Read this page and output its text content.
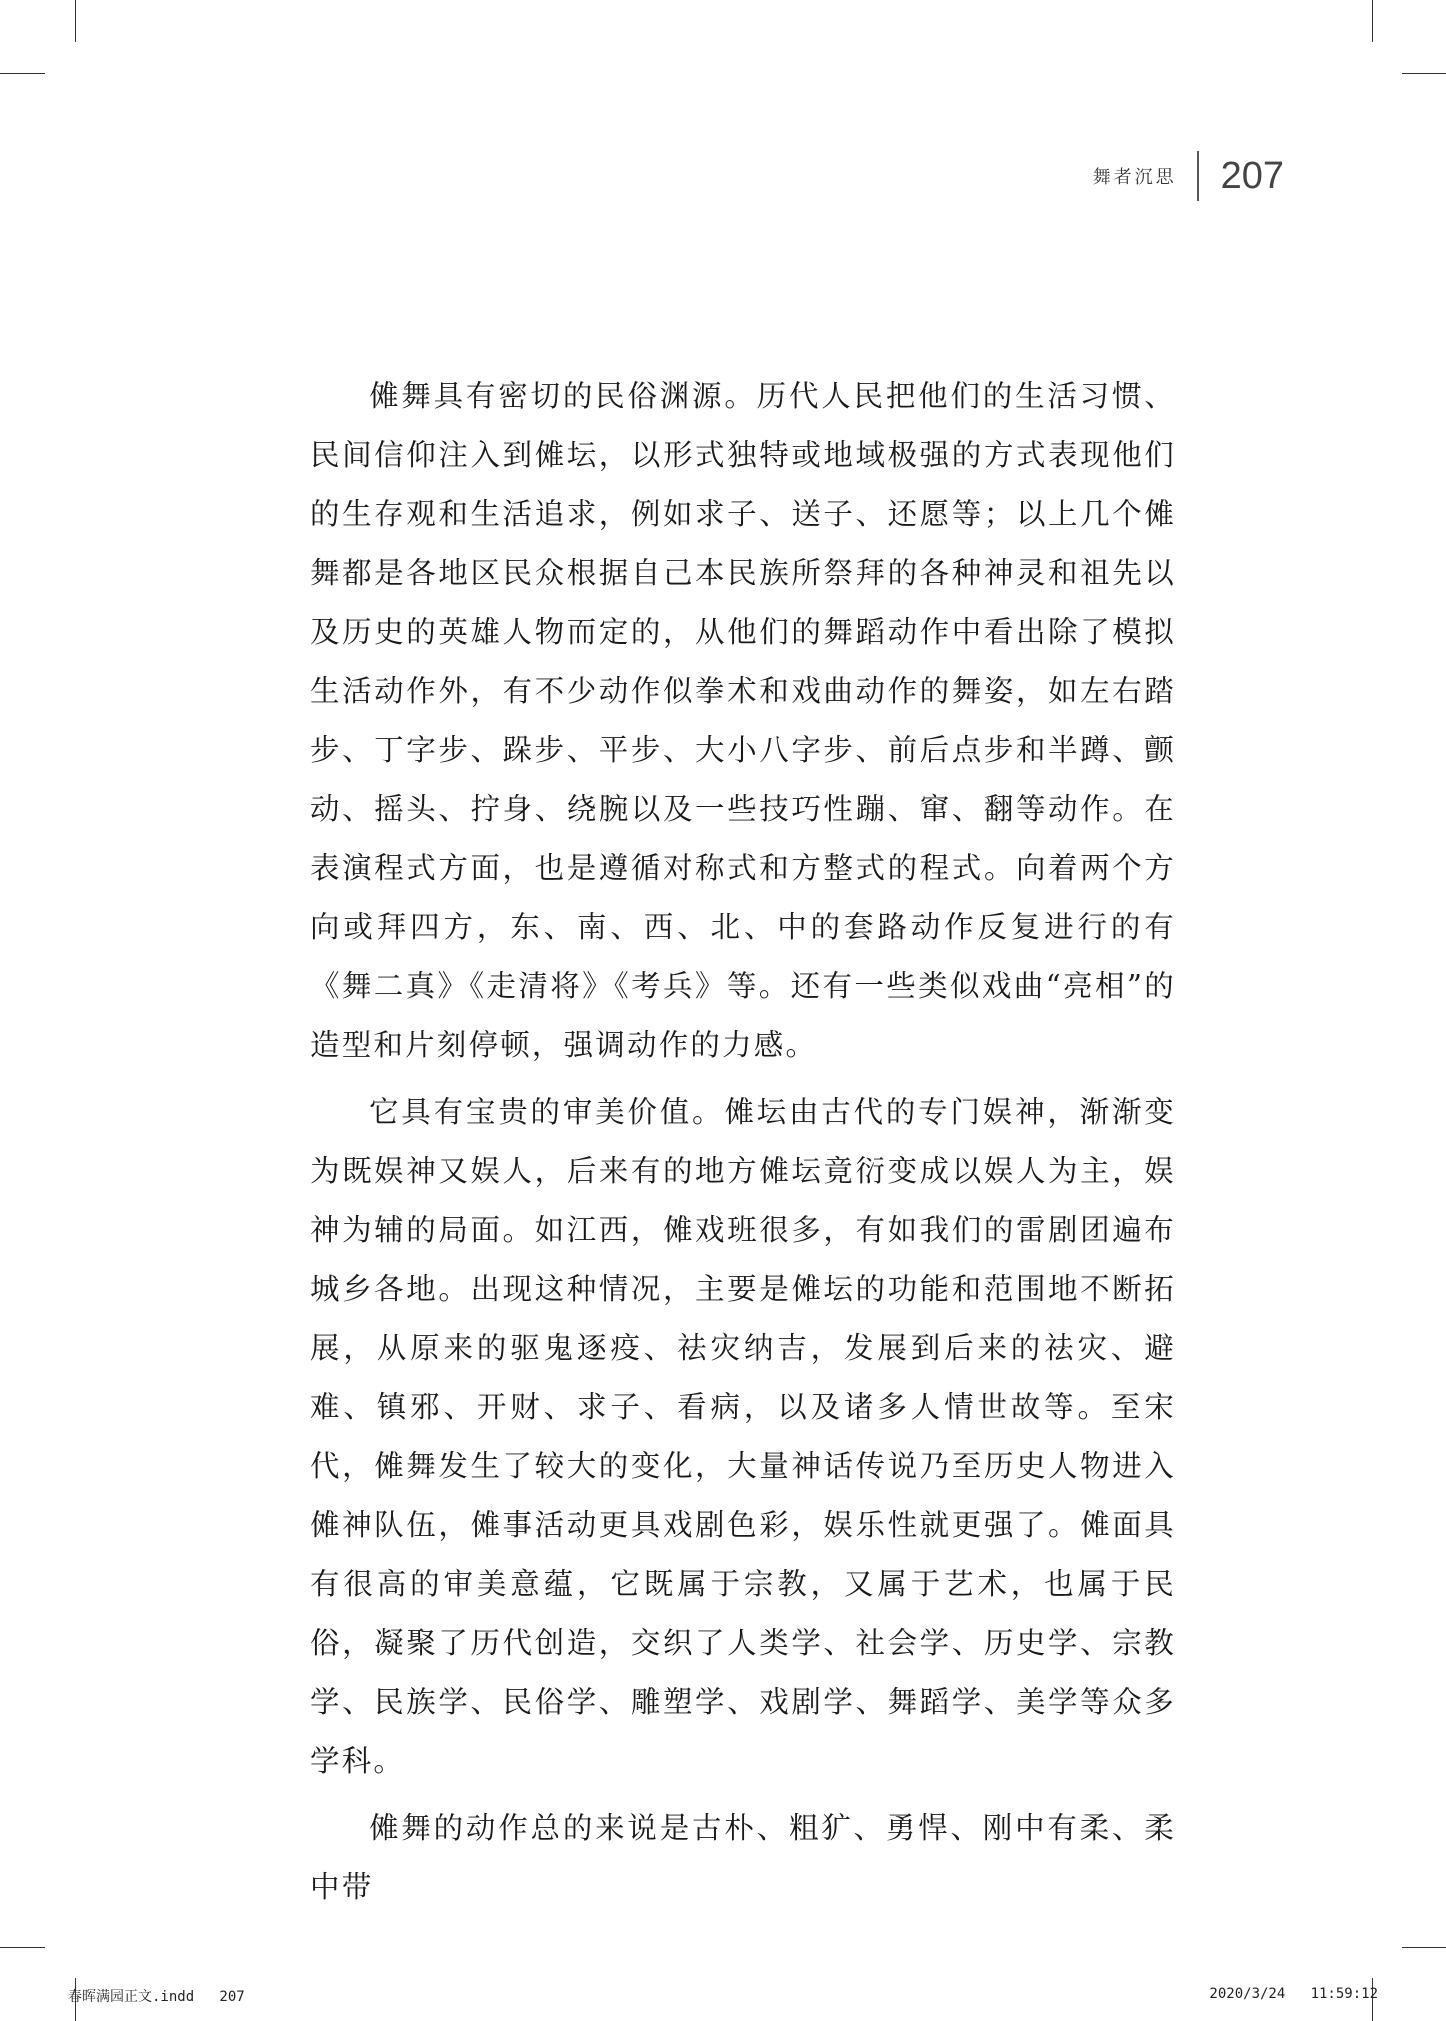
舞者沉思	207

傩舞具有密切的民俗渊源。历代人民把他们的生活习惯、民间信仰注入到傩坛，以形式独特或地域极强的方式表现他们的生存观和生活追求，例如求子、送子、还愿等；以上几个傩舞都是各地区民众根据自己本民族所祭拜的各种神灵和祖先以及历史的英雄人物而定的，从他们的舞蹈动作中看出除了模拟生活动作外，有不少动作似拳术和戏曲动作的舞姿，如左右踏步、丁字步、跺步、平步、大小八字步、前后点步和半蹲、颤动、摇头、拧身、绕腕以及一些技巧性蹦、窜、翻等动作。在表演程式方面，也是遵循对称式和方整式的程式。向着两个方向或拜四方，东、南、西、北、中的套路动作反复进行的有《舞二真》《走清将》《考兵》等。还有一些类似戏曲“亮相”的造型和片刻停顿，强调动作的力感。

它具有宝贵的审美价值。傩坛由古代的专门娱神，渐渐变为既娱神又娱人，后来有的地方傩坛竟衍变成以娱人为主，娱神为辅的局面。如江西，傩戏班很多，有如我们的雷剧团遍布城乡各地。出现这种情况，主要是傩坛的功能和范围地不断拓展，从原来的驱鬼逐疫、祛灾纳吉，发展到后来的祛灾、避难、镇邪、开财、求子、看病，以及诸多人情世故等。至宋代，傩舞发生了较大的变化，大量神话传说乃至历史人物进入傩神队伍，傩事活动更具戏剧色彩，娱乐性就更强了。傩面具有很高的审美意蕴，它既属于宗教，又属于艺术，也属于民俗，凝聚了历代创造，交织了人类学、社会学、历史学、宗教学、民族学、民俗学、雕塑学、戏剧学、舞蹈学、美学等众多学科。

傩舞的动作总的来说是古朴、粗犷、勇悍、刚中有柔、柔中带

春晖满园正文.indd   207	2020/3/24   11:59:12
